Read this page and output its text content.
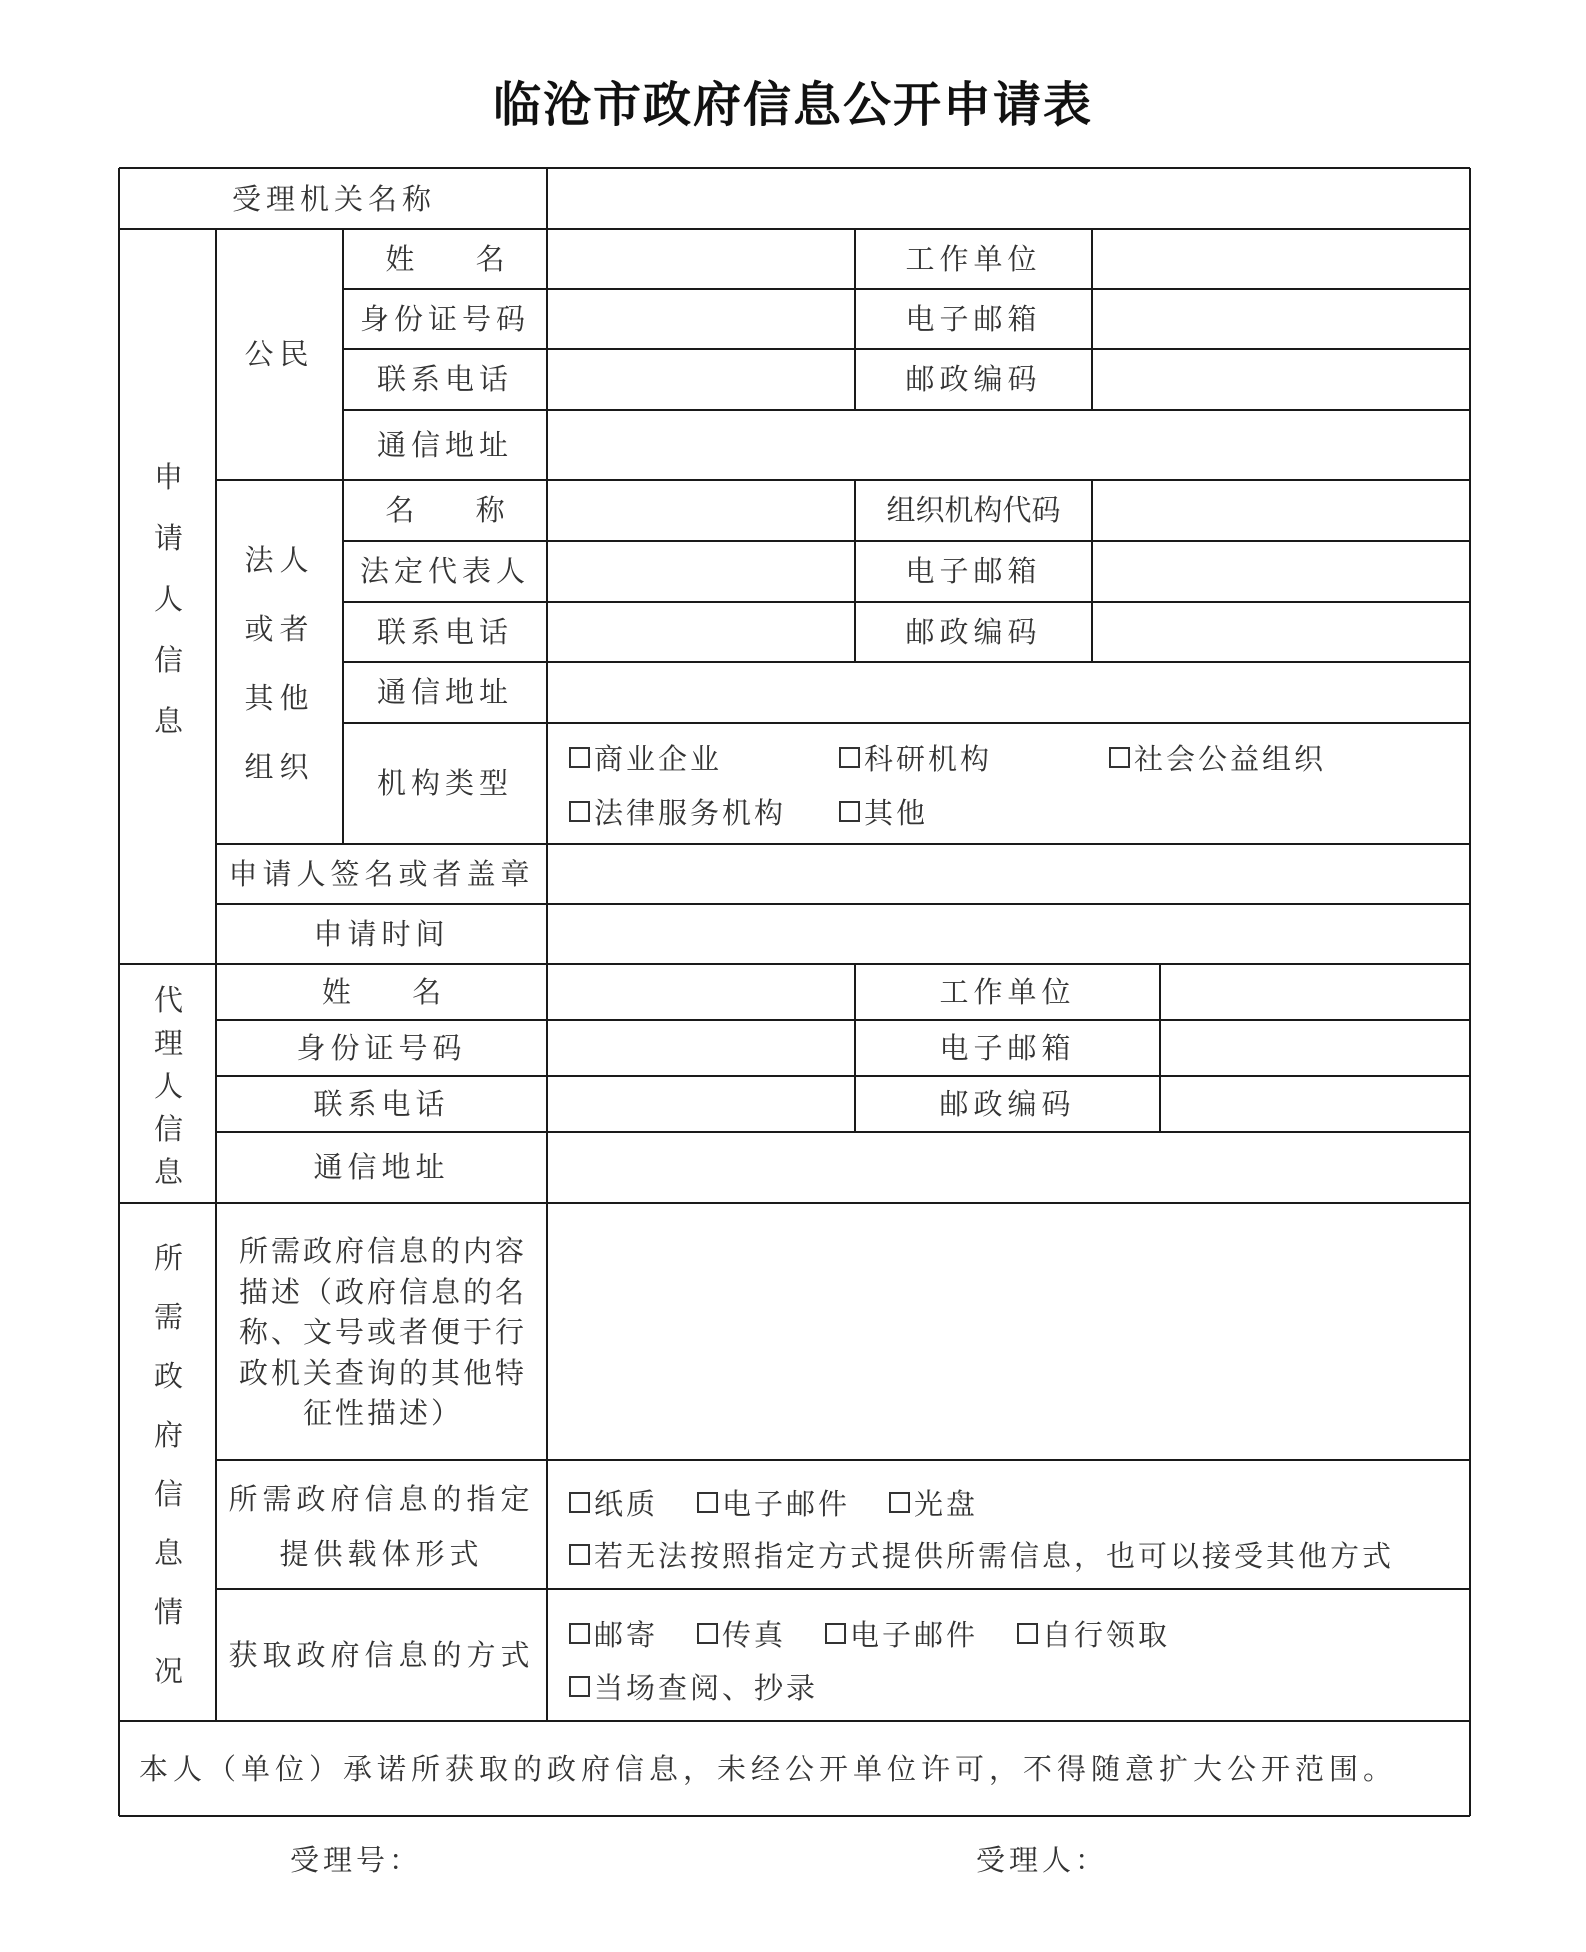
临沧市政府信息公开申请表
受理机关名称
申
请
人
信
息
公民
姓 名	工作单位
身份证号码	电子邮箱
联系电话	邮政编码
通信地址
法人
或者
其他
组织
名 称	组织机构代码
法定代表人	电子邮箱
联系电话	邮政编码
通信地址
机构类型
商业企业	科研机构	社会公益组织
法律服务机构	其他
申请人签名或者盖章
申请时间
代
理
人
信
息
姓 名	工作单位
身份证号码	电子邮箱
联系电话	邮政编码
通信地址
所
需
政
府
信
息
情
况
所需政府信息的内容描述（政府信息的名称、文号或者便于行政机关查询的其他特征性描述）
所需政府信息的指定
提供载体形式
纸质 电子邮件 光盘
若无法按照指定方式提供所需信息，也可以接受其他方式
获取政府信息的方式
邮寄 传真 电子邮件 自行领取
当场查阅、抄录
本人（单位）承诺所获取的政府信息，未经公开单位许可，不得随意扩大公开范围。
受理号：	受理人：
